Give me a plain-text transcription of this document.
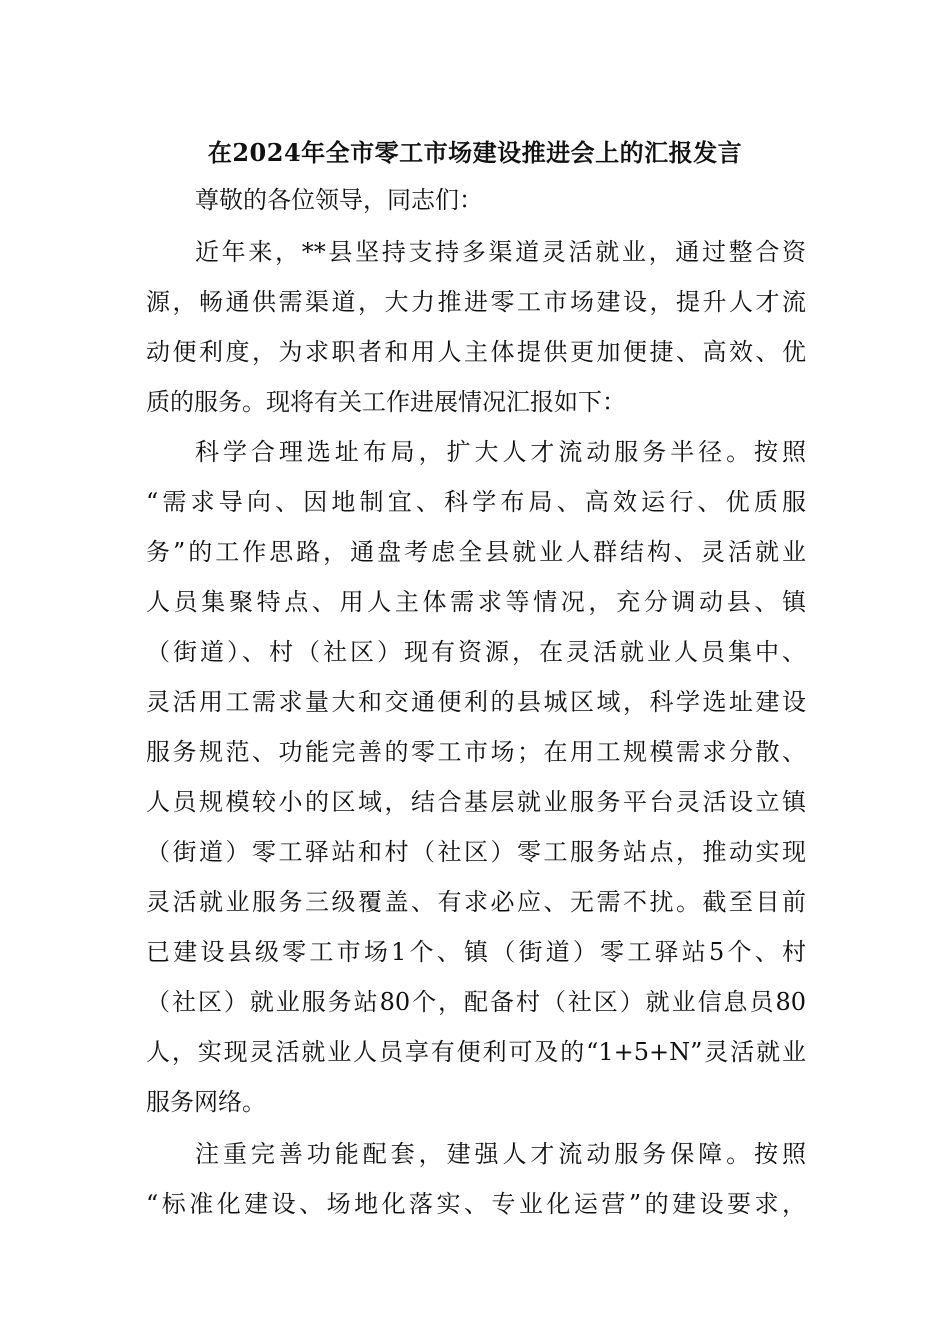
在2024年全市零工市场建设推进会上的汇报发言
尊敬的各位领导，同志们：
近年来，**县坚持支持多渠道灵活就业，通过整合资
源，畅通供需渠道，大力推进零工市场建设，提升人才流
动便利度，为求职者和用人主体提供更加便捷、高效、优
质的服务。现将有关工作进展情况汇报如下：
科学合理选址布局，扩大人才流动服务半径。按照
“需求导向、因地制宜、科学布局、高效运行、优质服
务”的工作思路，通盘考虑全县就业人群结构、灵活就业
人员集聚特点、用人主体需求等情况，充分调动县、镇
（街道）、村（社区）现有资源，在灵活就业人员集中、
灵活用工需求量大和交通便利的县城区域，科学选址建设
服务规范、功能完善的零工市场；在用工规模需求分散、
人员规模较小的区域，结合基层就业服务平台灵活设立镇
（街道）零工驿站和村（社区）零工服务站点，推动实现
灵活就业服务三级覆盖、有求必应、无需不扰。截至目前
已建设县级零工市场1个、镇（街道）零工驿站5个、村
（社区）就业服务站80个，配备村（社区）就业信息员80
人，实现灵活就业人员享有便利可及的“1+5+N”灵活就业
服务网络。
注重完善功能配套，建强人才流动服务保障。按照
“标准化建设、场地化落实、专业化运营”的建设要求，
